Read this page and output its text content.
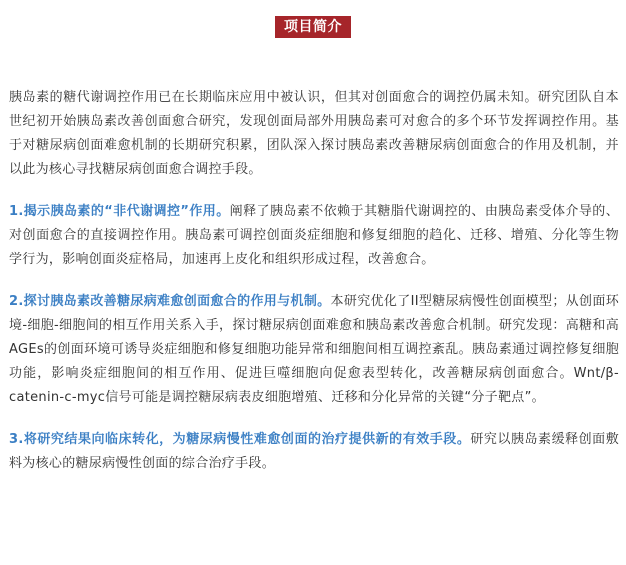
项目简介

胰岛素的糖代谢调控作用已在长期临床应用中被认识，但其对创面愈合的调控仍属未知。研究团队自本世纪初开始胰岛素改善创面愈合研究，发现创面局部外用胰岛素可对愈合的多个环节发挥调控作用。基于对糖尿病创面难愈机制的长期研究积累，团队深入探讨胰岛素改善糖尿病创面愈合的作用及机制，并以此为核心寻找糖尿病创面愈合调控手段。

1.揭示胰岛素的“非代谢调控”作用。阐释了胰岛素不依赖于其糖脂代谢调控的、由胰岛素受体介导的、对创面愈合的直接调控作用。胰岛素可调控创面炎症细胞和修复细胞的趋化、迁移、增殖、分化等生物学行为，影响创面炎症格局，加速再上皮化和组织形成过程，改善愈合。

2.探讨胰岛素改善糖尿病难愈创面愈合的作用与机制。本研究优化了II型糖尿病慢性创面模型；从创面环境-细胞-细胞间的相互作用关系入手，探讨糖尿病创面难愈和胰岛素改善愈合机制。研究发现：高糖和高AGEs的创面环境可诱导炎症细胞和修复细胞功能异常和细胞间相互调控紊乱。胰岛素通过调控修复细胞功能，影响炎症细胞间的相互作用、促进巨噬细胞向促愈表型转化，改善糖尿病创面愈合。Wnt/β-catenin-c-myc信号可能是调控糖尿病表皮细胞增殖、迁移和分化异常的关键“分子靶点”。

3.将研究结果向临床转化，为糖尿病慢性难愈创面的治疗提供新的有效手段。研究以胰岛素缓释创面敷料为核心的糖尿病慢性创面的综合治疗手段。
